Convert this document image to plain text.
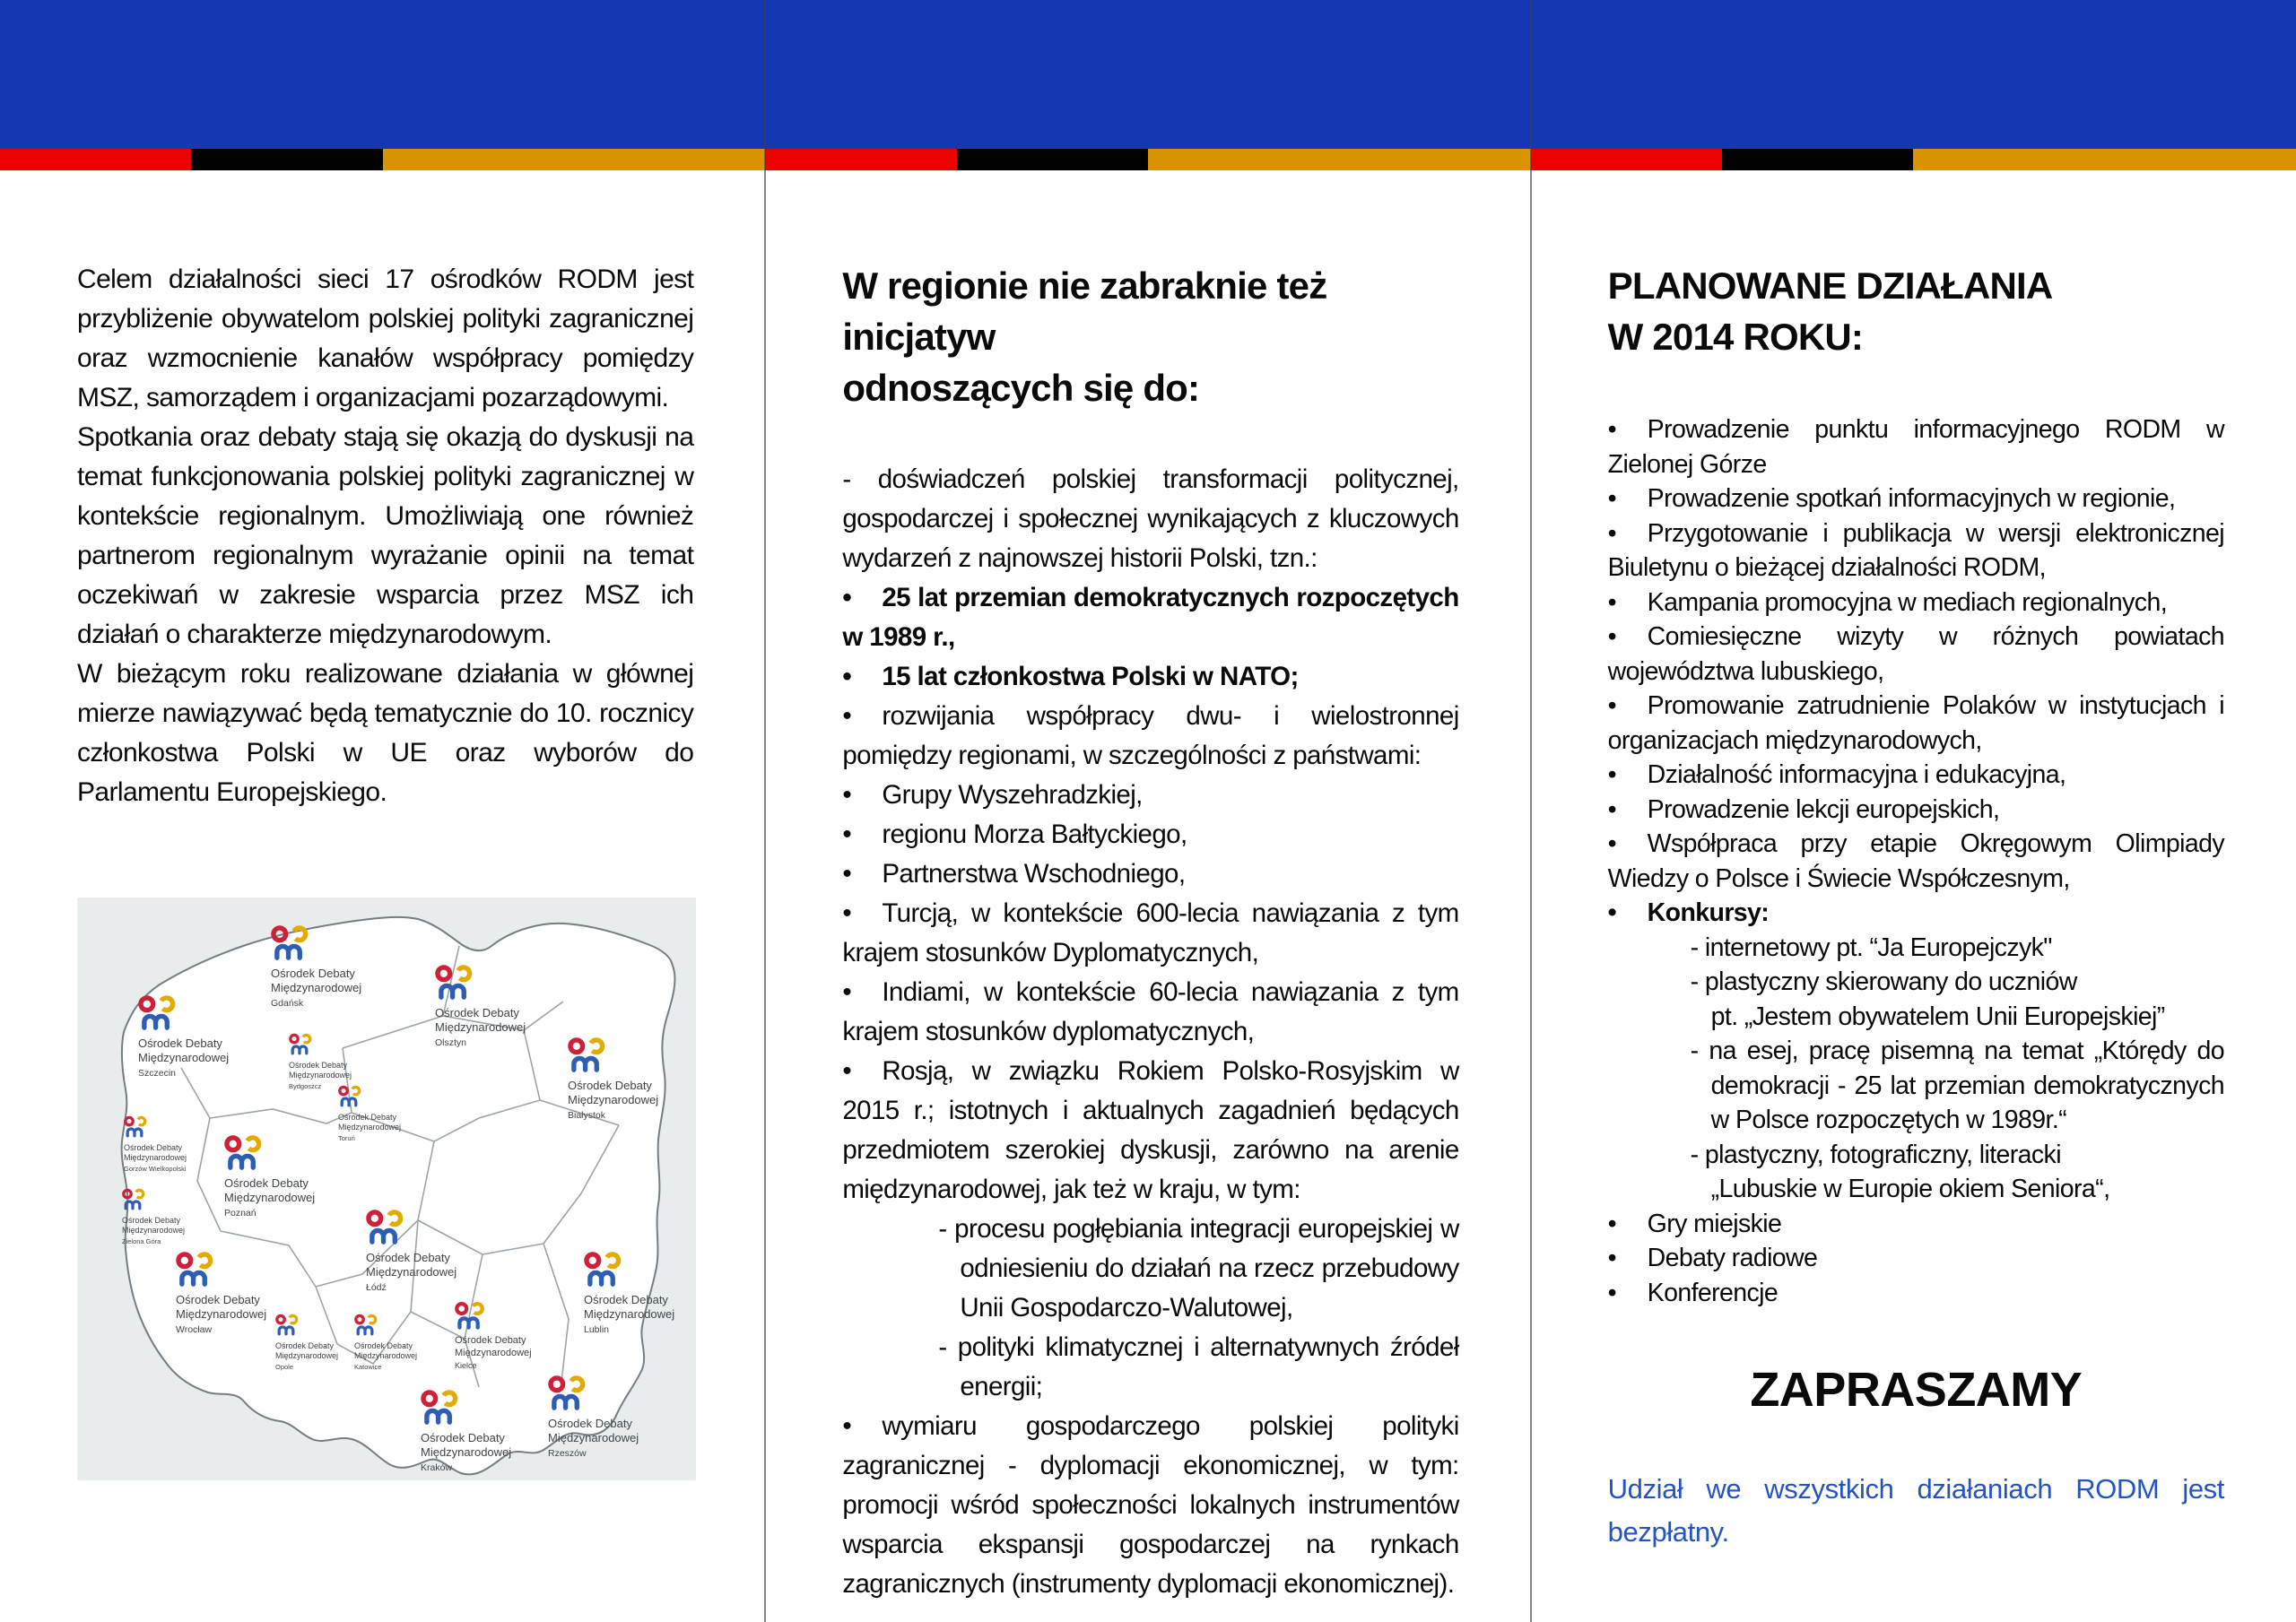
Celem działalności sieci 17 ośrodków RODM jest przybliżenie obywatelom polskiej polityki zagranicznej oraz wzmocnienie kanałów współpracy pomiędzy MSZ, samorządem i organizacjami pozarządowymi.
Spotkania oraz debaty stają się okazją do dyskusji na temat funkcjonowania polskiej polityki zagranicznej w kontekście regionalnym. Umożliwiają one również partnerom regionalnym wyrażanie opinii na temat oczekiwań w zakresie wsparcia przez MSZ ich działań o charakterze międzynarodowym.
W bieżącym roku realizowane działania w głównej mierze nawiązywać będą tematycznie do 10. rocznicy członkostwa Polski w UE oraz wyborów do Parlamentu Europejskiego.
Ośrodek Debaty
Międzynarodowej
Szczecin
Ośrodek Debaty
Międzynarodowej
Gdańsk
Ośrodek Debaty
Międzynarodowej
Olsztyn
Ośrodek Debaty
Międzynarodowej
Białystok
Ośrodek Debaty
Międzynarodowej
Bydgoszcz
Ośrodek Debaty
Międzynarodowej
Toruń
Ośrodek Debaty
Międzynarodowej
Gorzów Wielkopolski
Ośrodek Debaty
Międzynarodowej
Zielona Góra
Ośrodek Debaty
Międzynarodowej
Poznań
Ośrodek Debaty
Międzynarodowej
Łódź
Ośrodek Debaty
Międzynarodowej
Wrocław
Ośrodek Debaty
Międzynarodowej
Opole
Ośrodek Debaty
Międzynarodowej
Katowice
Ośrodek Debaty
Międzynarodowej
Kielce
Ośrodek Debaty
Międzynarodowej
Lublin
Ośrodek Debaty
Międzynarodowej
Kraków
Ośrodek Debaty
Międzynarodowej
Rzeszów
W regionie nie zabraknie też inicjatyw
odnoszących się do:
- doświadczeń polskiej transformacji politycznej, gospodarczej i społecznej wynikających z kluczowych wydarzeń z najnowszej historii Polski, tzn.:
• 25 lat przemian demokratycznych rozpoczętych w 1989 r.,
• 15 lat członkostwa Polski w NATO;
• rozwijania współpracy dwu- i wielostronnej pomiędzy regionami, w szczególności z państwami:
• Grupy Wyszehradzkiej,
• regionu Morza Bałtyckiego,
• Partnerstwa Wschodniego,
• Turcją, w kontekście 600-lecia nawiązania z tym krajem stosunków Dyplomatycznych,
• Indiami, w kontekście 60-lecia nawiązania z tym krajem stosunków dyplomatycznych,
• Rosją, w związku Rokiem Polsko-Rosyjskim w 2015 r.; istotnych i aktualnych zagadnień będących przedmiotem szerokiej dyskusji, zarówno na arenie międzynarodowej, jak też w kraju, w tym:
- procesu pogłębiania integracji europejskiej w odniesieniu do działań na rzecz przebudowy Unii Gospodarczo-Walutowej,
- polityki klimatycznej i alternatywnych źródeł energii;
• wymiaru gospodarczego polskiej polityki zagranicznej - dyplomacji ekonomicznej, w tym: promocji wśród społeczności lokalnych instrumentów wsparcia ekspansji gospodarczej na rynkach zagranicznych (instrumenty dyplomacji ekonomicznej).
PLANOWANE DZIAŁANIA
W 2014 ROKU:
• Prowadzenie punktu informacyjnego RODM w Zielonej Górze
• Prowadzenie spotkań informacyjnych w regionie,
• Przygotowanie i publikacja w wersji elektronicznej Biuletynu o bieżącej działalności RODM,
• Kampania promocyjna w mediach regionalnych,
• Comiesięczne wizyty w różnych powiatach województwa lubuskiego,
• Promowanie zatrudnienie Polaków w instytucjach i organizacjach międzynarodowych,
• Działalność informacyjna i edukacyjna,
• Prowadzenie lekcji europejskich,
• Współpraca przy etapie Okręgowym Olimpiady Wiedzy o Polsce i Świecie Współczesnym,
• Konkursy:
- internetowy pt. “Ja Europejczyk"
- plastyczny skierowany do uczniów
pt. „Jestem obywatelem Unii Europejskiej”
- na esej, pracę pisemną na temat „Którędy do demokracji - 25 lat przemian demokratycznych w Polsce rozpoczętych w 1989r.“
- plastyczny, fotograficzny, literacki
„Lubuskie w Europie okiem Seniora“,
• Gry miejskie
• Debaty radiowe
• Konferencje
ZAPRASZAMY
Udział we wszystkich działaniach RODM jest bezpłatny.
